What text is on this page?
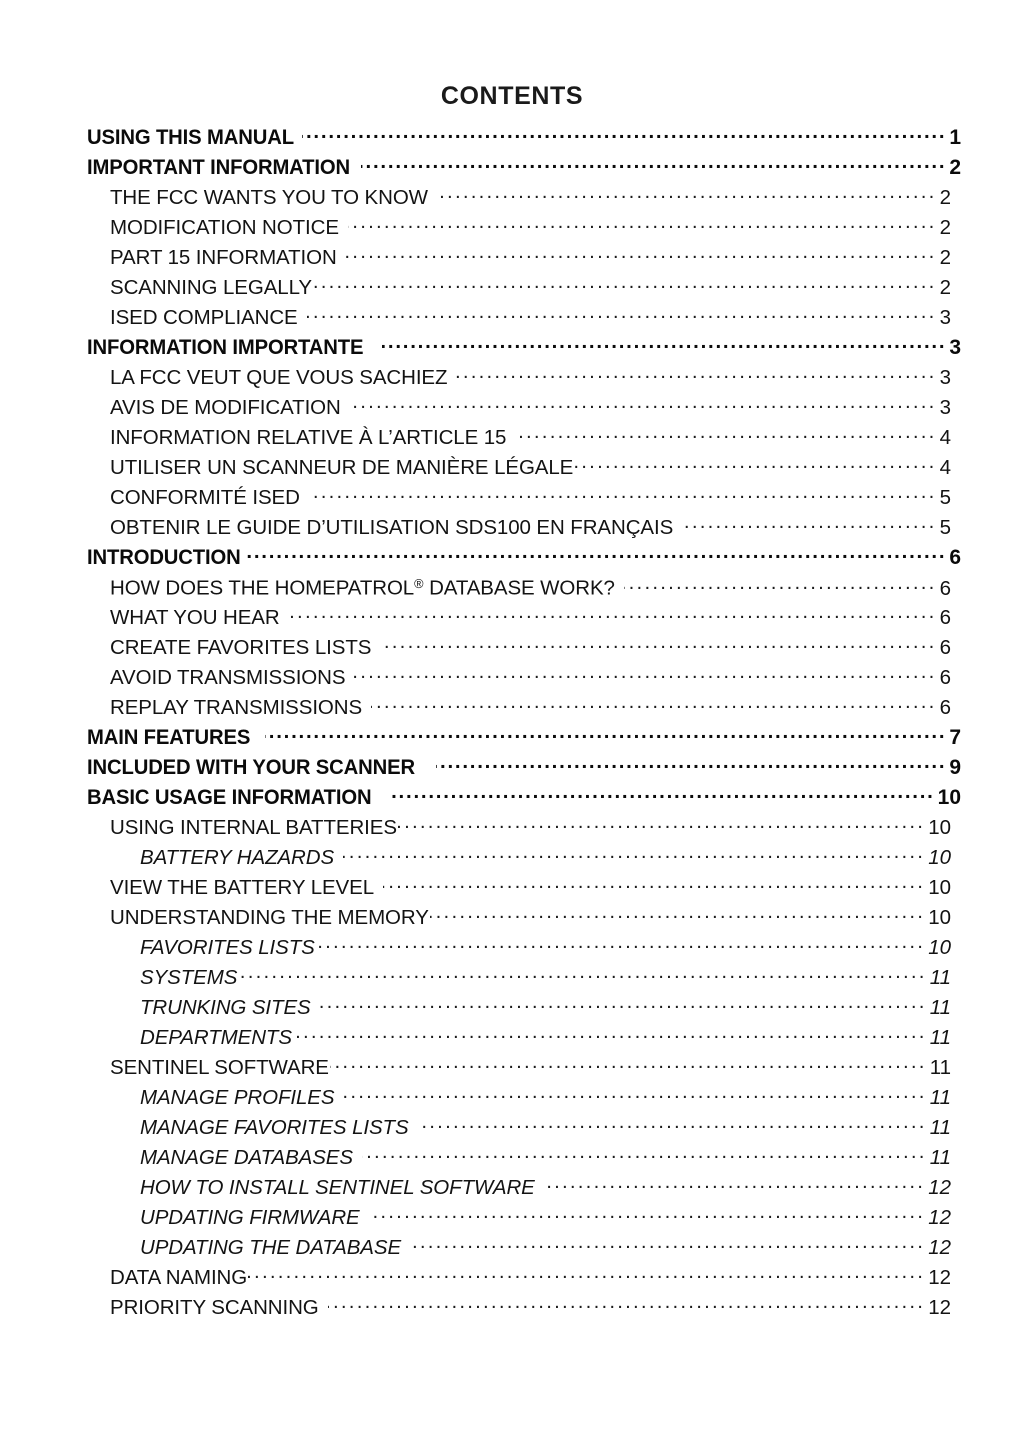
CONTENTS
USING THIS MANUAL .....	1
IMPORTANT INFORMATION .....	2
THE FCC WANTS YOU TO KNOW .....	2
MODIFICATION NOTICE .....	2
PART 15 INFORMATION .....	2
SCANNING LEGALLY .....	2
ISED COMPLIANCE .....	3
INFORMATION IMPORTANTE .....	3
LA FCC VEUT QUE VOUS SACHIEZ .....	3
AVIS DE MODIFICATION .....	3
INFORMATION RELATIVE À L’ARTICLE 15 .....	4
UTILISER UN SCANNEUR DE MANIÈRE LÉGALE .....	4
CONFORMITÉ ISED .....	5
OBTENIR LE GUIDE D’UTILISATION SDS100 EN FRANÇAIS .....	5
INTRODUCTION .....	6
HOW DOES THE HOMEPATROL® DATABASE WORK? .....	6
WHAT YOU HEAR .....	6
CREATE FAVORITES LISTS .....	6
AVOID TRANSMISSIONS .....	6
REPLAY TRANSMISSIONS .....	6
MAIN FEATURES .....	7
INCLUDED WITH YOUR SCANNER .....	9
BASIC USAGE INFORMATION .....	10
USING INTERNAL BATTERIES .....	10
BATTERY HAZARDS .....	10
VIEW THE BATTERY LEVEL .....	10
UNDERSTANDING THE MEMORY .....	10
FAVORITES LISTS .....	10
SYSTEMS .....	11
TRUNKING SITES .....	11
DEPARTMENTS .....	11
SENTINEL SOFTWARE .....	11
MANAGE PROFILES .....	11
MANAGE FAVORITES LISTS .....	11
MANAGE DATABASES .....	11
HOW TO INSTALL SENTINEL SOFTWARE .....	12
UPDATING FIRMWARE .....	12
UPDATING THE DATABASE .....	12
DATA NAMING .....	12
PRIORITY SCANNING .....	12
